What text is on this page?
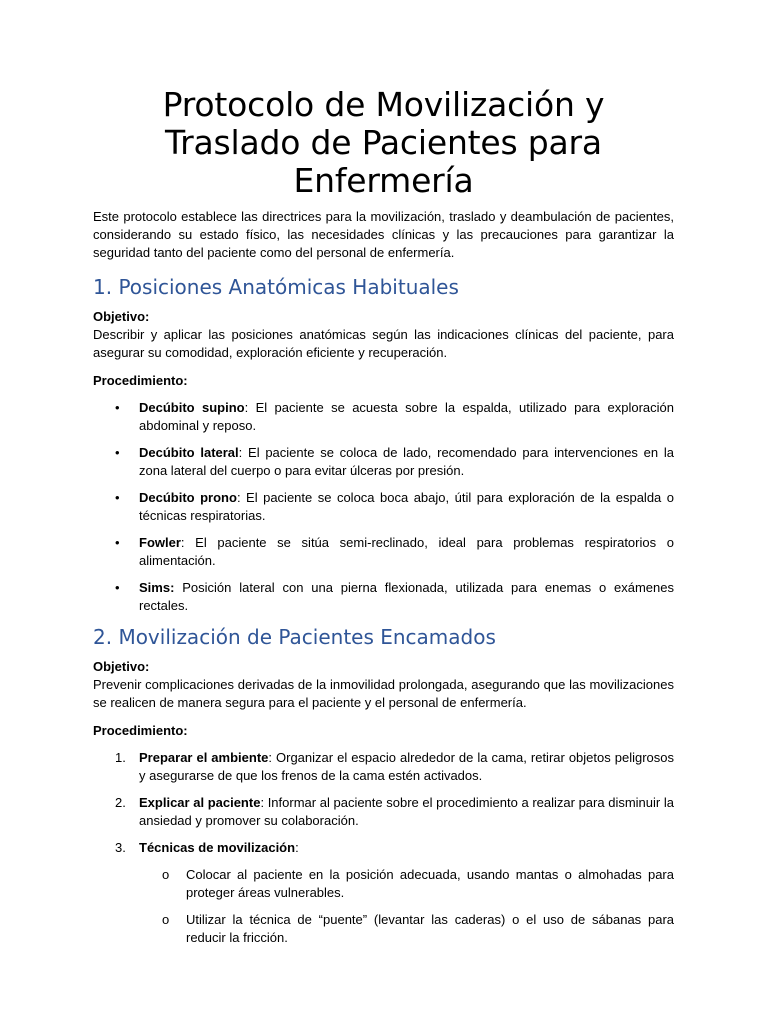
Protocolo de Movilización y Traslado de Pacientes para Enfermería

Este protocolo establece las directrices para la movilización, traslado y deambulación de pacientes, considerando su estado físico, las necesidades clínicas y las precauciones para garantizar la seguridad tanto del paciente como del personal de enfermería.

1. Posiciones Anatómicas Habituales

Objetivo:

Describir y aplicar las posiciones anatómicas según las indicaciones clínicas del paciente, para asegurar su comodidad, exploración eficiente y recuperación.

Procedimiento:

• Decúbito supino: El paciente se acuesta sobre la espalda, utilizado para exploración abdominal y reposo.
• Decúbito lateral: El paciente se coloca de lado, recomendado para intervenciones en la zona lateral del cuerpo o para evitar úlceras por presión.
• Decúbito prono: El paciente se coloca boca abajo, útil para exploración de la espalda o técnicas respiratorias.
• Fowler: El paciente se sitúa semi-reclinado, ideal para problemas respiratorios o alimentación.
• Sims: Posición lateral con una pierna flexionada, utilizada para enemas o exámenes rectales.
2. Movilización de Pacientes Encamados

Objetivo:

Prevenir complicaciones derivadas de la inmovilidad prolongada, asegurando que las movilizaciones se realicen de manera segura para el paciente y el personal de enfermería.

Procedimiento:

1. Preparar el ambiente: Organizar el espacio alrededor de la cama, retirar objetos peligrosos y asegurarse de que los frenos de la cama estén activados.
2. Explicar al paciente: Informar al paciente sobre el procedimiento a realizar para disminuir la ansiedad y promover su colaboración.
3. Técnicas de movilización:
o Colocar al paciente en la posición adecuada, usando mantas o almohadas para proteger áreas vulnerables.
o Utilizar la técnica de “puente” (levantar las caderas) o el uso de sábanas para reducir la fricción.
